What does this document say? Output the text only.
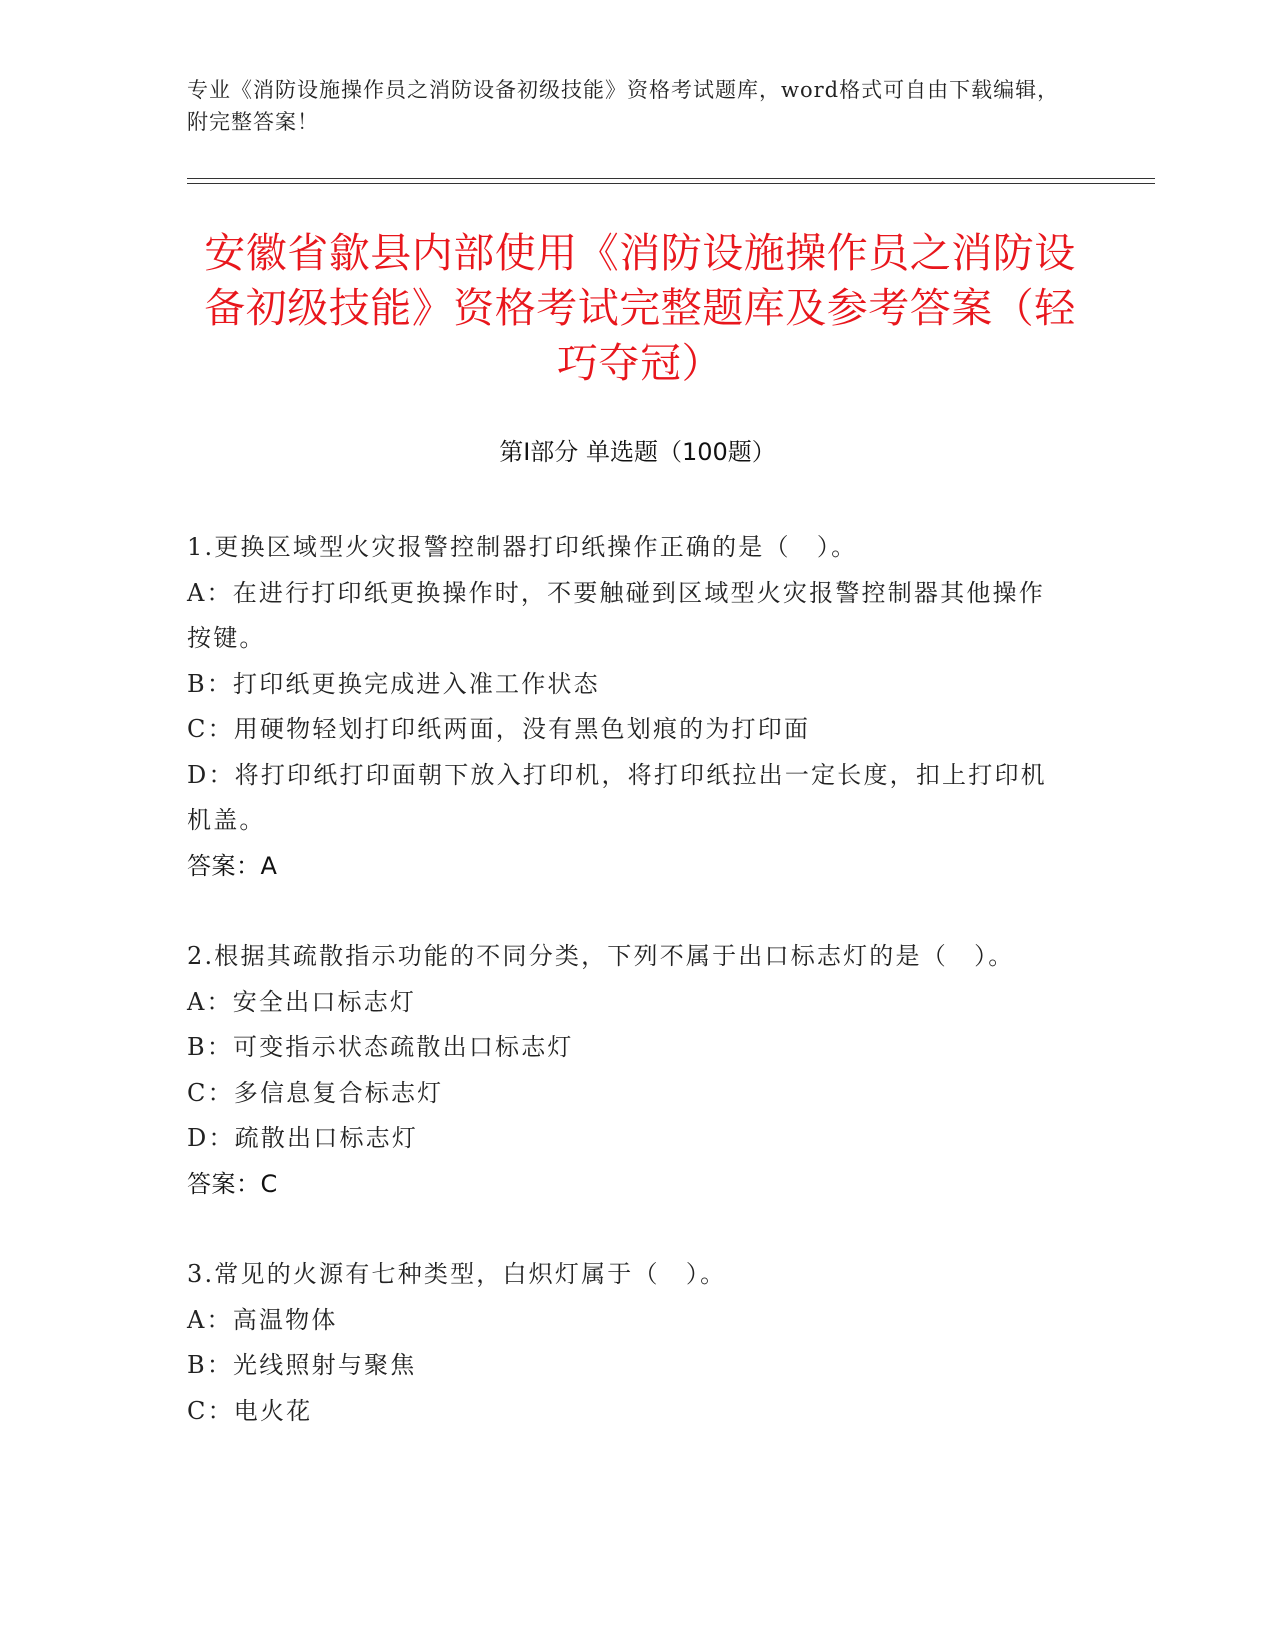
专业《消防设施操作员之消防设备初级技能》资格考试题库，word格式可自由下载编辑，附完整答案！
安徽省歙县内部使用《消防设施操作员之消防设备初级技能》资格考试完整题库及参考答案（轻巧夺冠）
第I部分 单选题（100题）

1.更换区域型火灾报警控制器打印纸操作正确的是（　）。

A：在进行打印纸更换操作时，不要触碰到区域型火灾报警控制器其他操作按键。

B：打印纸更换完成进入准工作状态

C：用硬物轻划打印纸两面，没有黑色划痕的为打印面

D：将打印纸打印面朝下放入打印机，将打印纸拉出一定长度，扣上打印机机盖。

答案：A

2.根据其疏散指示功能的不同分类，下列不属于出口标志灯的是（　）。

A：安全出口标志灯

B：可变指示状态疏散出口标志灯

C：多信息复合标志灯

D：疏散出口标志灯

答案：C

3.常见的火源有七种类型，白炽灯属于（　）。

A：高温物体

B：光线照射与聚焦

C：电火花
